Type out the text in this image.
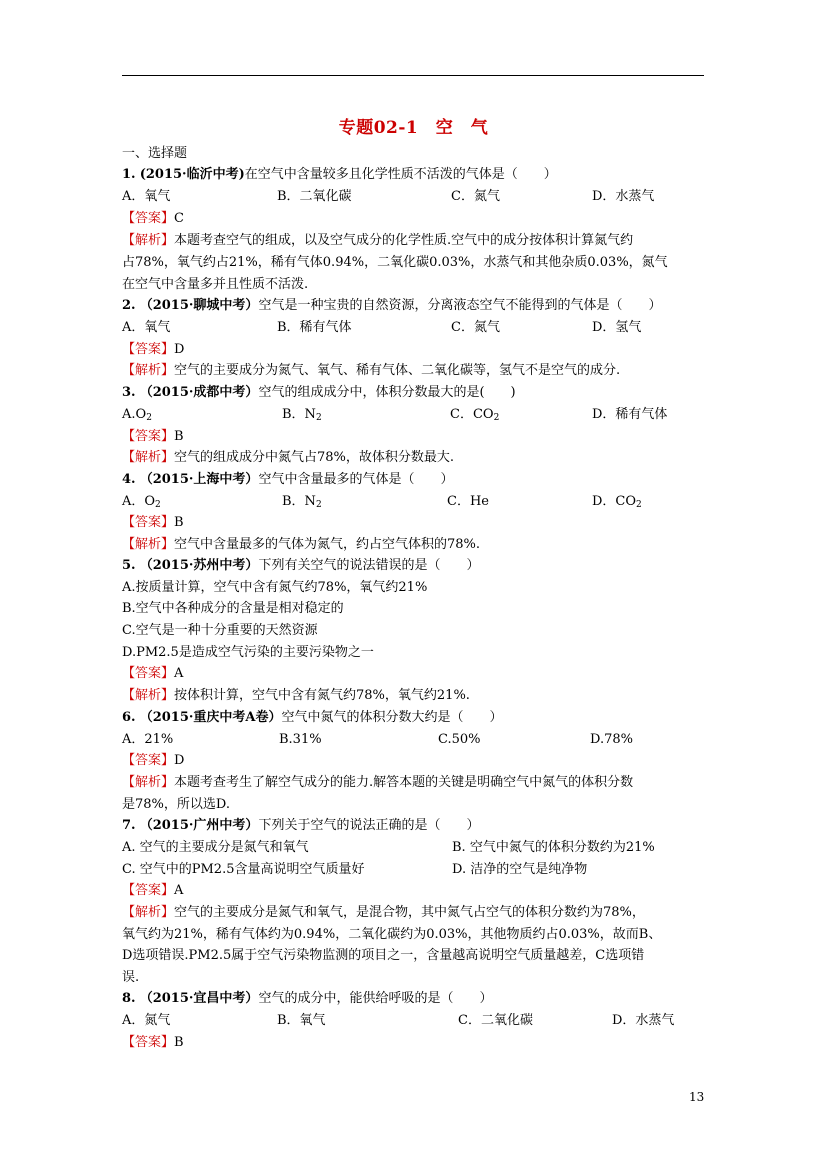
专题02-1　空　气
一、选择题
1. (2015·临沂中考)在空气中含量较多且化学性质不活泼的气体是（　　）
A．氧气	B．二氧化碳	C．氮气	D．水蒸气
【答案】C
【解析】本题考查空气的组成，以及空气成分的化学性质.空气中的成分按体积计算氮气约
占78%，氧气约占21%，稀有气体0.94%，二氧化碳0.03%，水蒸气和其他杂质0.03%，氮气
在空气中含量多并且性质不活泼.
2. （2015·聊城中考）空气是一种宝贵的自然资源，分离液态空气不能得到的气体是（　　）
A．氧气	B．稀有气体	C．氮气	D．氢气
【答案】D
【解析】空气的主要成分为氮气、氧气、稀有气体、二氧化碳等，氢气不是空气的成分.
3. （2015·成都中考）空气的组成成分中，体积分数最大的是(　　)
$A.O_2$	B．$N_2$	C．$CO_2$	D．稀有气体
【答案】B
【解析】空气的组成成分中氮气占78%，故体积分数最大.
4. （2015·上海中考）空气中含量最多的气体是（　　）
A．$O_2$	B．$N_2$	C．He	D．$CO_2$
【答案】B
【解析】空气中含量最多的气体为氮气，约占空气体积的78%.
5. （2015·苏州中考）下列有关空气的说法错误的是（　　）
A.按质量计算，空气中含有氮气约78%，氧气约21%
B.空气中各种成分的含量是相对稳定的
C.空气是一种十分重要的天然资源
D.PM2.5是造成空气污染的主要污染物之一
【答案】A
【解析】按体积计算，空气中含有氮气约78%，氧气约21%.
6. （2015·重庆中考A卷）空气中氮气的体积分数大约是（　　）
A．21%	B.31%	C.50%	D.78%
【答案】D
【解析】本题考查考生了解空气成分的能力.解答本题的关键是明确空气中氮气的体积分数
是78%，所以选D.
7. （2015·广州中考）下列关于空气的说法正确的是（　　）
A. 空气的主要成分是氮气和氧气	B. 空气中氮气的体积分数约为21%
C. 空气中的PM2.5含量高说明空气质量好	D. 洁净的空气是纯净物
【答案】A
【解析】空气的主要成分是氮气和氧气，是混合物，其中氮气占空气的体积分数约为78%，
氧气约为21%，稀有气体约为0.94%，二氧化碳约为0.03%，其他物质约占0.03%，故而B、
D选项错误.PM2.5属于空气污染物监测的项目之一，含量越高说明空气质量越差，C选项错
误.
8. （2015·宜昌中考）空气的成分中，能供给呼吸的是（　　）
A．氮气	B．氧气	C．二氧化碳	D．水蒸气
【答案】B
13
